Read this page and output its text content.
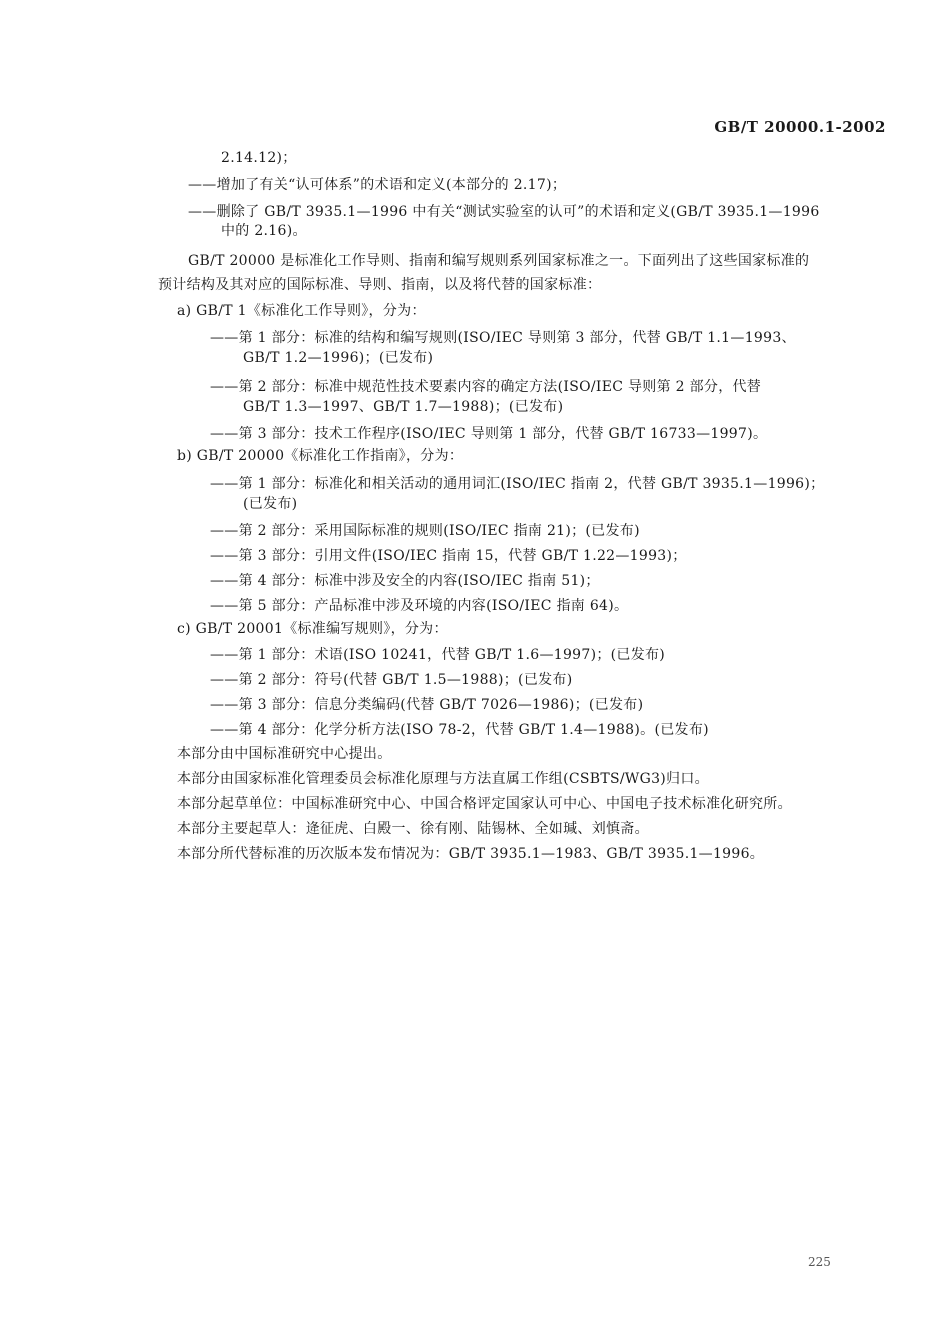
GB/T 20000.1-2002
2.14.12)；
——增加了有关“认可体系”的术语和定义(本部分的 2.17)；
——删除了 GB/T 3935.1—1996 中有关“测试实验室的认可”的术语和定义(GB/T 3935.1—1996
中的 2.16)。
GB/T 20000 是标准化工作导则、指南和编写规则系列国家标准之一。下面列出了这些国家标准的
预计结构及其对应的国际标准、导则、指南，以及将代替的国家标准：
a) GB/T 1《标准化工作导则》，分为：
——第 1 部分：标准的结构和编写规则(ISO/IEC 导则第 3 部分，代替 GB/T 1.1—1993、
GB/T 1.2—1996)；(已发布)
——第 2 部分：标准中规范性技术要素内容的确定方法(ISO/IEC 导则第 2 部分，代替
GB/T 1.3—1997、GB/T 1.7—1988)；(已发布)
——第 3 部分：技术工作程序(ISO/IEC 导则第 1 部分，代替 GB/T 16733—1997)。
b) GB/T 20000《标准化工作指南》，分为：
——第 1 部分：标准化和相关活动的通用词汇(ISO/IEC 指南 2，代替 GB/T 3935.1—1996)；
(已发布)
——第 2 部分：采用国际标准的规则(ISO/IEC 指南 21)；(已发布)
——第 3 部分：引用文件(ISO/IEC 指南 15，代替 GB/T 1.22—1993)；
——第 4 部分：标准中涉及安全的内容(ISO/IEC 指南 51)；
——第 5 部分：产品标准中涉及环境的内容(ISO/IEC 指南 64)。
c) GB/T 20001《标准编写规则》，分为：
——第 1 部分：术语(ISO 10241，代替 GB/T 1.6—1997)；(已发布)
——第 2 部分：符号(代替 GB/T 1.5—1988)；(已发布)
——第 3 部分：信息分类编码(代替 GB/T 7026—1986)；(已发布)
——第 4 部分：化学分析方法(ISO 78-2，代替 GB/T 1.4—1988)。(已发布)
本部分由中国标准研究中心提出。
本部分由国家标准化管理委员会标准化原理与方法直属工作组(CSBTS/WG3)归口。
本部分起草单位：中国标准研究中心、中国合格评定国家认可中心、中国电子技术标准化研究所。
本部分主要起草人：逄征虎、白殿一、徐有刚、陆锡林、全如瑊、刘慎斋。
本部分所代替标准的历次版本发布情况为：GB/T 3935.1—1983、GB/T 3935.1—1996。
225
